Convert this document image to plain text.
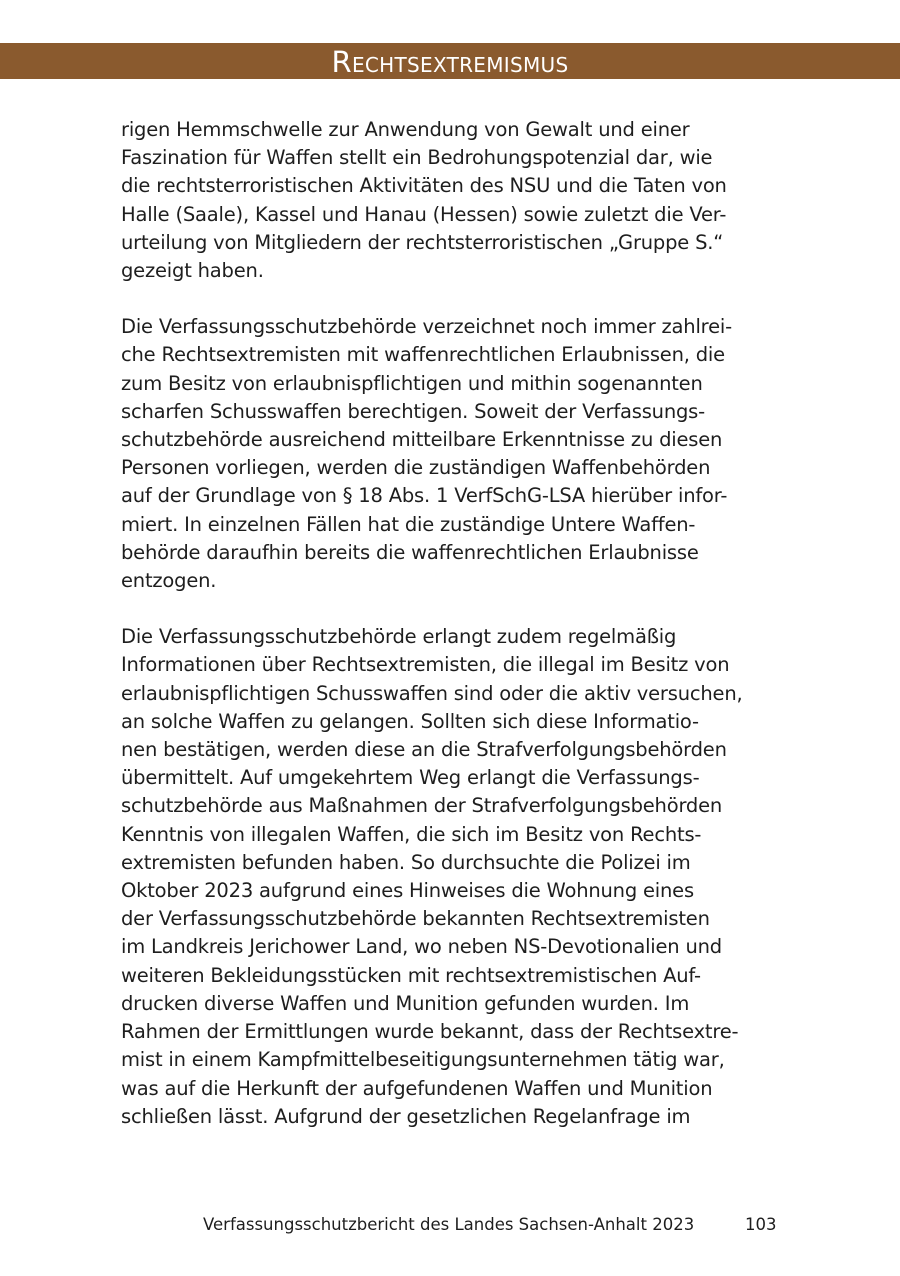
Rechtsextremismus

rigen Hemmschwelle zur Anwendung von Gewalt und einer
Faszination für Waffen stellt ein Bedrohungspotenzial dar, wie
die rechtsterroristischen Aktivitäten des NSU und die Taten von
Halle (Saale), Kassel und Hanau (Hessen) sowie zuletzt die Ver-
urteilung von Mitgliedern der rechtsterroristischen „Gruppe S.“
gezeigt haben.

Die Verfassungsschutzbehörde verzeichnet noch immer zahlrei-
che Rechtsextremisten mit waffenrechtlichen Erlaubnissen, die
zum Besitz von erlaubnispflichtigen und mithin sogenannten
scharfen Schusswaffen berechtigen. Soweit der Verfassungs-
schutzbehörde ausreichend mitteilbare Erkenntnisse zu diesen
Personen vorliegen, werden die zuständigen Waffenbehörden
auf der Grundlage von § 18 Abs. 1 VerfSchG-LSA hierüber infor-
miert. In einzelnen Fällen hat die zuständige Untere Waffen-
behörde daraufhin bereits die waffenrechtlichen Erlaubnisse
entzogen.

Die Verfassungsschutzbehörde erlangt zudem regelmäßig
Informationen über Rechtsextremisten, die illegal im Besitz von
erlaubnispflichtigen Schusswaffen sind oder die aktiv versuchen,
an solche Waffen zu gelangen. Sollten sich diese Informatio-
nen bestätigen, werden diese an die Strafverfolgungsbehörden
übermittelt. Auf umgekehrtem Weg erlangt die Verfassungs-
schutzbehörde aus Maßnahmen der Strafverfolgungsbehörden
Kenntnis von illegalen Waffen, die sich im Besitz von Rechts-
extremisten befunden haben. So durchsuchte die Polizei im
Oktober 2023 aufgrund eines Hinweises die Wohnung eines
der Verfassungsschutzbehörde bekannten Rechtsextremisten
im Landkreis Jerichower Land, wo neben NS-Devotionalien und
weiteren Bekleidungsstücken mit rechtsextremistischen Auf-
drucken diverse Waffen und Munition gefunden wurden. Im
Rahmen der Ermittlungen wurde bekannt, dass der Rechtsextre-
mist in einem Kampfmittelbeseitigungsunternehmen tätig war,
was auf die Herkunft der aufgefundenen Waffen und Munition
schließen lässt. Aufgrund der gesetzlichen Regelanfrage im

Verfassungsschutzbericht des Landes Sachsen-Anhalt 2023	103
